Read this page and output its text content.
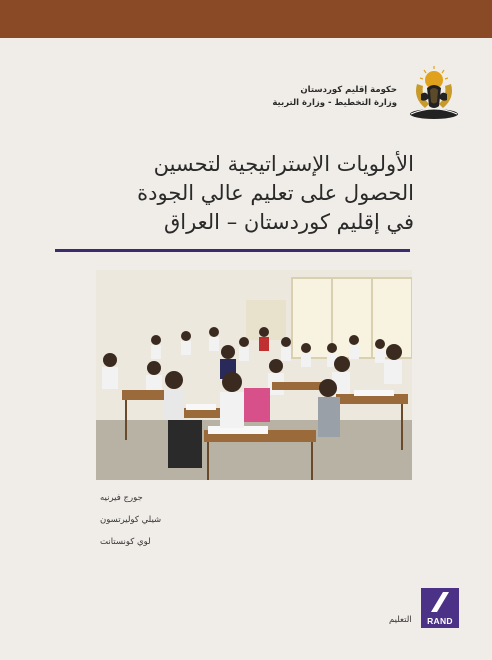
حكومة إقليم كوردستان
وزارة التخطيط - وزارة التربية
الأولويات الإستراتيجية لتحسين
الحصول على تعليم عالي الجودة
في إقليم كوردستان – العراق
جورج فيرنيه
شيلي كوليرتسون
لوي كونستانت
التعليم	RAND
